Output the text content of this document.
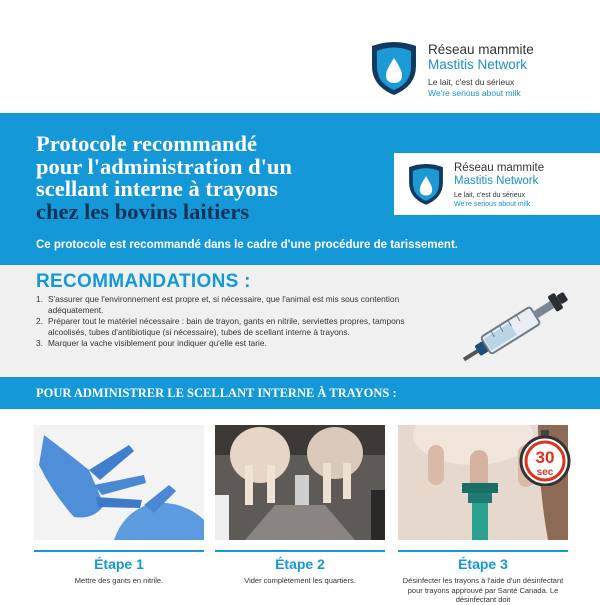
Réseau mammite
Mastitis Network
Le lait, c'est du sérieux
We're serious about milk
Protocole recommandé
pour l'administration d'un
scellant interne à trayons
chez les bovins laitiers
Réseau mammite
Mastitis Network
Le lait, c'est du sérieux
We're serious about milk

Ce protocole est recommandé dans le cadre d'une procédure de tarissement.

RECOMMANDATIONS :
1. S'assurer que l'environnement est propre et, si nécessaire, que l'animal est mis sous contention adéquatement.
2. Préparer tout le matériel nécessaire : bain de trayon, gants en nitrile, serviettes propres, tampons alcoolisés, tubes d'antibiotique (si nécessaire), tubes de scellant interne à trayons.
3. Marquer la vache visiblement pour indiquer qu'elle est tarie.
POUR ADMINISTRER LE SCELLANT INTERNE À TRAYONS :
30
sec

Étape 1

Mettre des gants en nitrile.

Étape 2

Vider complètement les quartiers.

Étape 3

Désinfecter les trayons à l'aide d'un désinfectant pour trayons approuvé par Santé Canada. Le désinfectant doit
